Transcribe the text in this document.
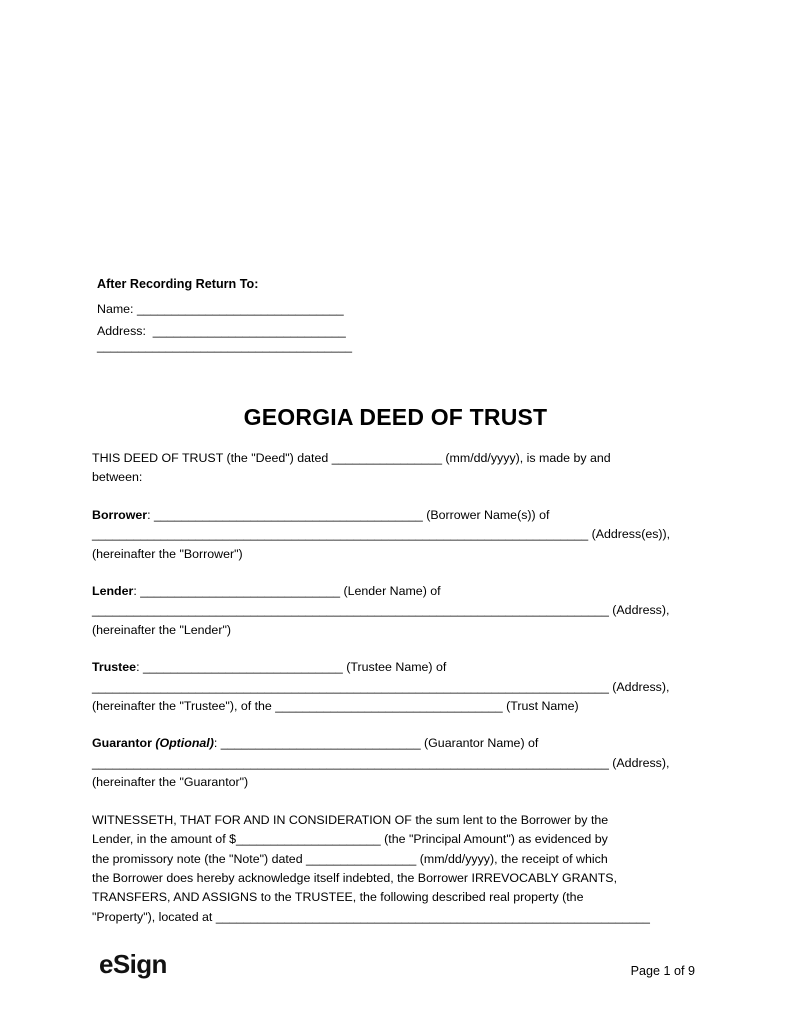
After Recording Return To:
Name: ______________________________
Address:  ____________________________
_____________________________________
GEORGIA DEED OF TRUST

THIS DEED OF TRUST (the "Deed") dated ________________ (mm/dd/yyyy), is made by and
between:

Borrower: _______________________________________ (Borrower Name(s)) of
________________________________________________________________________ (Address(es)),
(hereinafter the "Borrower")

Lender: _____________________________ (Lender Name) of
___________________________________________________________________________ (Address),
(hereinafter the "Lender")

Trustee: _____________________________ (Trustee Name) of
___________________________________________________________________________ (Address),
(hereinafter the "Trustee"), of the _________________________________ (Trust Name)

Guarantor (Optional): _____________________________ (Guarantor Name) of
___________________________________________________________________________ (Address),
(hereinafter the "Guarantor")

WITNESSETH, THAT FOR AND IN CONSIDERATION OF the sum lent to the Borrower by the
Lender, in the amount of $_____________________ (the "Principal Amount") as evidenced by
the promissory note (the "Note") dated ________________ (mm/dd/yyyy), the receipt of which
the Borrower does hereby acknowledge itself indebted, the Borrower IRREVOCABLY GRANTS,
TRANSFERS, AND ASSIGNS to the TRUSTEE, the following described real property (the
"Property"), located at _______________________________________________________________

eSign	Page 1 of 9
